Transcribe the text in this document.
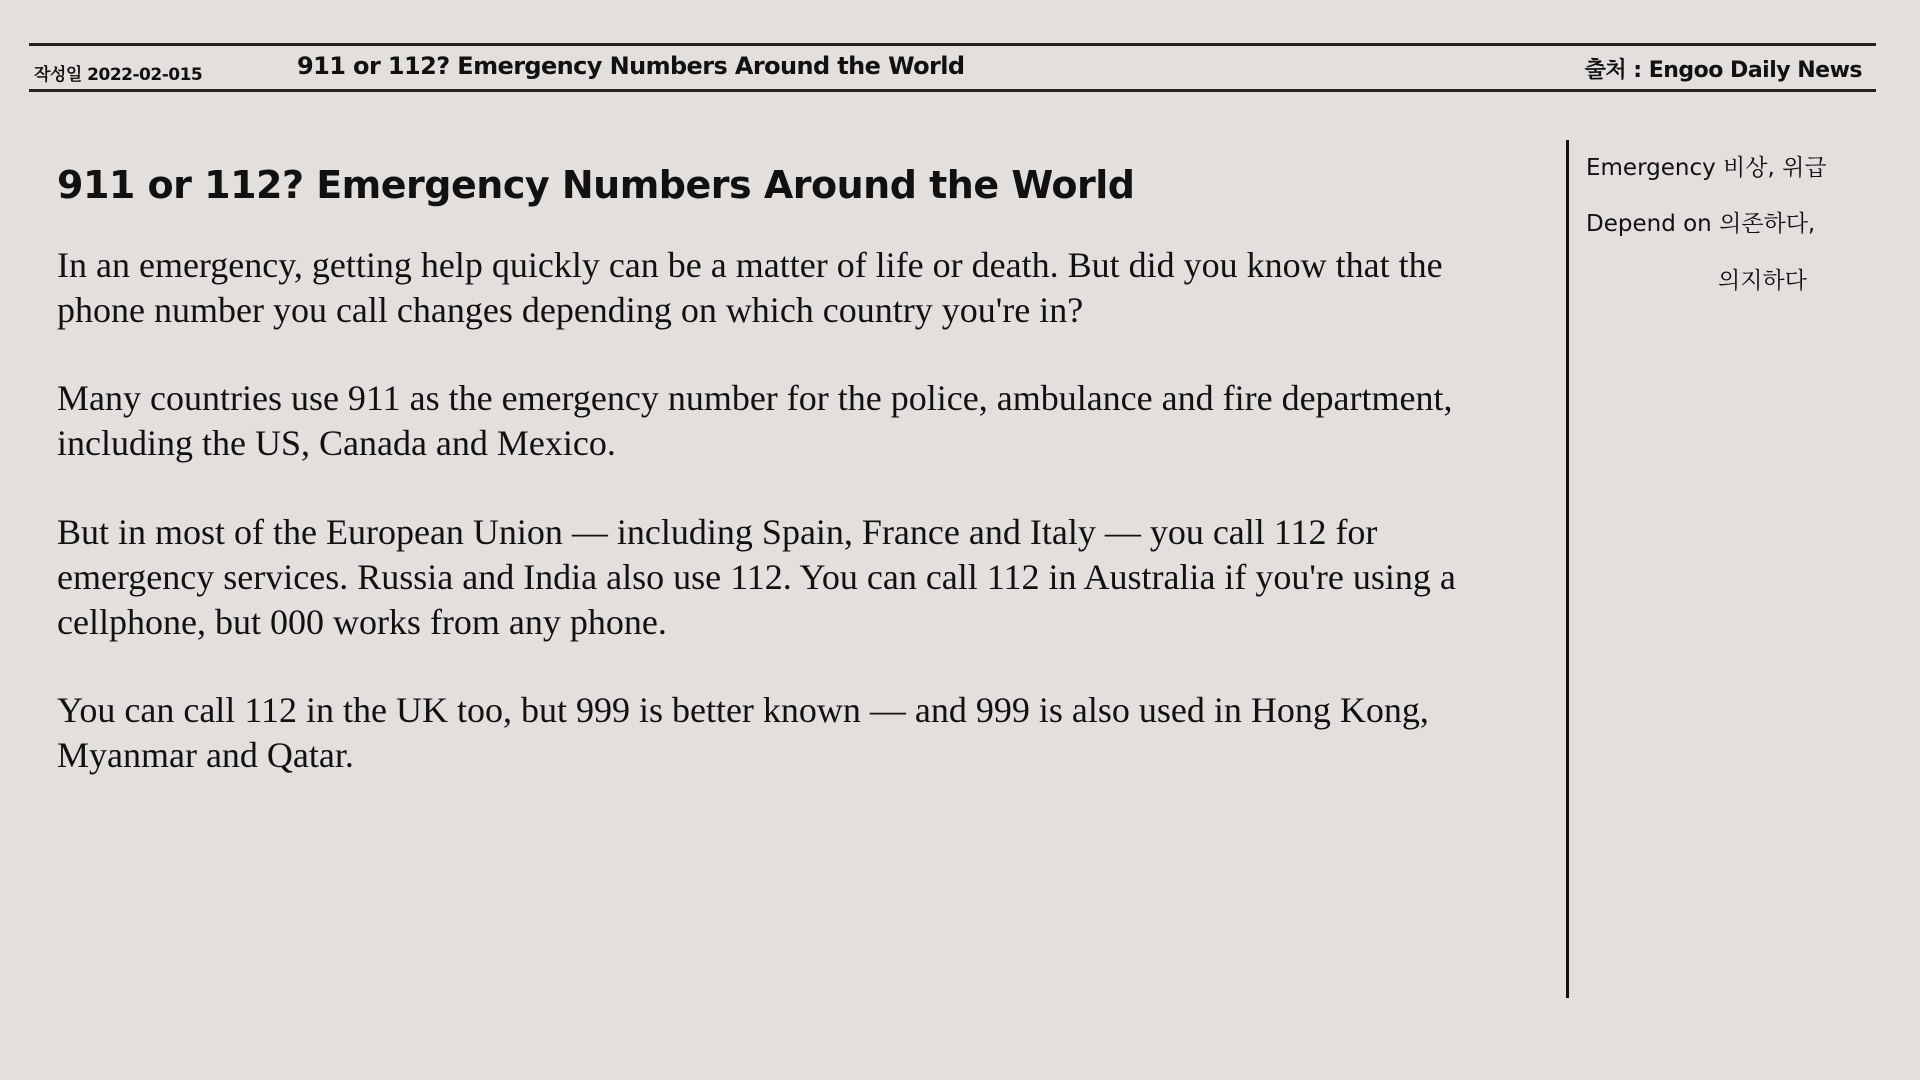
작성일 2022-02-015	911 or 112? Emergency Numbers Around the World	출처 : Engoo Daily News
911 or 112? Emergency Numbers Around the World

In an emergency, getting help quickly can be a matter of life or death. But did you know that the phone number you call changes depending on which country you're in?

Many countries use 911 as the emergency number for the police, ambulance and fire department, including the US, Canada and Mexico.

But in most of the European Union — including Spain, France and Italy — you call 112 for emergency services. Russia and India also use 112. You can call 112 in Australia if you're using a cellphone, but 000 works from any phone.

You can call 112 in the UK too, but 999 is better known — and 999 is also used in Hong Kong, Myanmar and Qatar.

Emergency 비상, 위급
Depend on 의존하다,
의지하다
